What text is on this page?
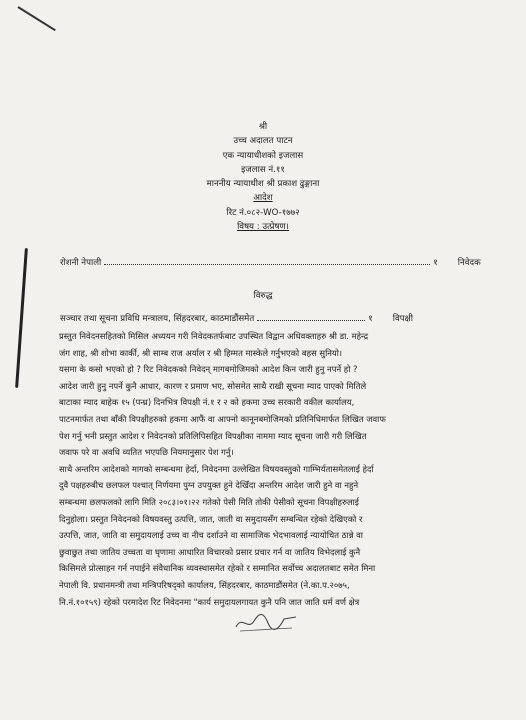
श्री
उच्च अदालत पाटन
एक न्यायाधीशको इजलास
इजलास नं.११
माननीय न्यायाधीश श्री प्रकाश ढुङ्गाना
आदेश
रिट नं.०८२-WO-१७७२
विषय : उत्प्रेषण।
रोशनी नेपाली	१ निवेदक
विरुद्ध
सञ्चार तथा सूचना प्रविधि मन्त्रालय, सिंहदरबार, काठमाडौंसमेत	१ विपक्षी
प्रस्तुत निवेदनसहितको मिसिल अध्ययन गरी निवेदकतर्फबाट उपस्थित विद्वान अधिवक्ताहरु श्री डा. महेन्द्र
जंग शाह, श्री शोभा कार्की, श्री साम्ब राज अर्याल र श्री हिम्मत मास्केले गर्नुभएको बहस सुनियो।
यसमा के कसो भएको हो ? रिट निवेदकको निवेदन् मागबमोजिमको आदेश किन जारी हुनु नपर्ने हो ?
आदेश जारी हुनु नपर्ने कुनै आधार, कारण र प्रमाण भए, सोसमेत साथै राखी सूचना म्याद पाएको मितिले
बाटाका म्याद बाहेक १५ (पन्ध्र) दिनभित्र विपक्षी नं.१ र २ को हकमा उच्च सरकारी वकील कार्यालय,
पाटनमार्फत तथा बाँकी विपक्षीहरुको हकमा आफैं वा आफ्नो कानूनबमोजिमको प्रतिनिधिमार्फत लिखित जवाफ
पेश गर्नु भनी प्रस्तुत आदेश र निवेदनको प्रतिलिपिसहित विपक्षीका नाममा म्याद सूचना जारी गरी लिखित
जवाफ परे वा अवधि व्यतित भएपछि नियमानुसार पेश गर्नु।
साथै अन्तरिम आदेशको मागको सम्बन्धमा हेर्दा, निवेदनमा उल्लेखित विषयवस्तुको गाम्भिर्यतासमेतलाई हेर्दा
दुवै पक्षहरुबीच छलफल पश्चात् निर्णयमा पुग्न उपयुक्त हुने देखिँदा अन्तरिम आदेश जारी हुने वा नहुने
सम्बन्धमा छलफलको लागि मिति २०८३।०१।२२ गतेको पेसी मिति तोकी पेसीको सूचना विपक्षीहरुलाई
दिनुहोला। प्रस्तुत निवेदनको विषयवस्तु उत्पत्ति, जात, जाती वा समुदायसँग सम्बन्धित रहेको देखिएको र
उत्पत्ति, जात, जाति वा समुदायलाई उच्च वा नीच दर्शाउने वा सामाजिक भेदभावलाई न्यायोचित ठान्ने वा
छुवाछुत तथा जातिय उच्चता वा घृणामा आधारित विचारको प्रसार प्रचार गर्न वा जातिय विभेदलाई कुनै
किसिमले प्रोत्साहन गर्न नपाईने संवैधानिक व्यवस्थासमेत रहेको र सम्मानित सर्वोच्च अदालतबाट समेत मिना
नेपाली वि. प्रधानमन्त्री तथा मन्त्रिपरिषद्को कार्यालय, सिंहदरबार, काठमाडौंसमेत (ने.का.प.२०७५,
नि.नं.१०१५९) रहेको परमादेश रिट निवेदनमा "कार्य समुदायलगायत कुनै पनि जात जाति धर्म वर्ण क्षेत्र
